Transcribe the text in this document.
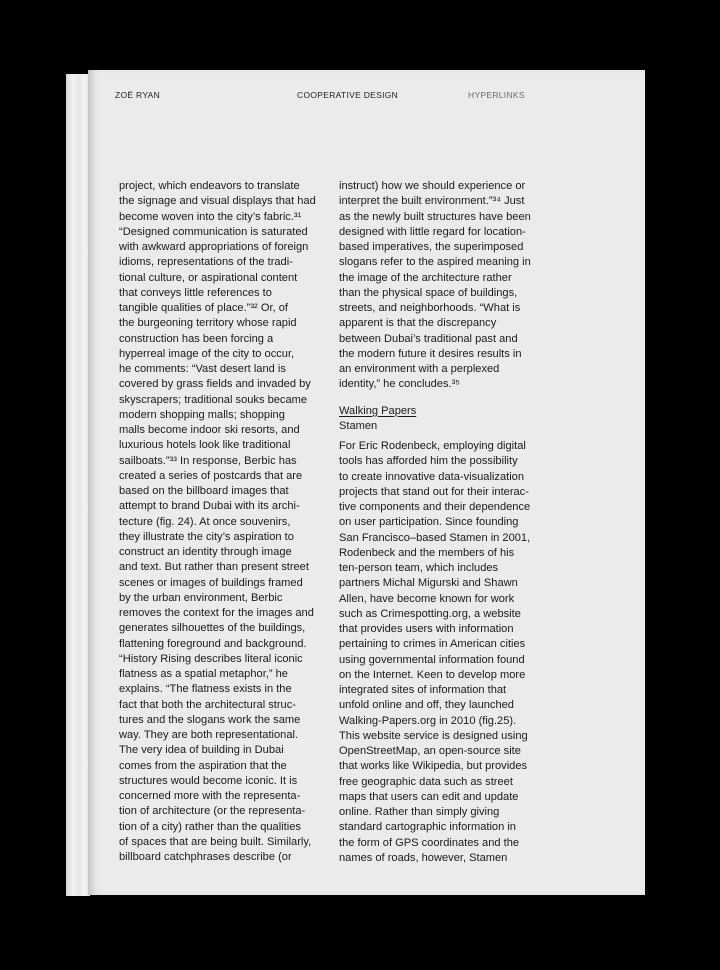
ZOË RYAN	COOPERATIVE DESIGN	HYPERLINKS
project, which endeavors to translate
the signage and visual displays that had
become woven into the city’s fabric.³¹
“Designed communication is saturated
with awkward appropriations of foreign
idioms, representations of the tradi-
tional culture, or aspirational content
that conveys little references to
tangible qualities of place.”³² Or, of
the burgeoning territory whose rapid
construction has been forcing a
hyperreal image of the city to occur,
he comments: “Vast desert land is
covered by grass fields and invaded by
skyscrapers; traditional souks became
modern shopping malls; shopping
malls become indoor ski resorts, and
luxurious hotels look like traditional
sailboats.”³³ In response, Berbic has
created a series of postcards that are
based on the billboard images that
attempt to brand Dubai with its archi-
tecture (fig. 24). At once souvenirs,
they illustrate the city’s aspiration to
construct an identity through image
and text. But rather than present street
scenes or images of buildings framed
by the urban environment, Berbic
removes the context for the images and
generates silhouettes of the buildings,
flattening foreground and background.
“History Rising describes literal iconic
flatness as a spatial metaphor,” he
explains. “The flatness exists in the
fact that both the architectural struc-
tures and the slogans work the same
way. They are both representational.
The very idea of building in Dubai
comes from the aspiration that the
structures would become iconic. It is
concerned more with the representa-
tion of architecture (or the representa-
tion of a city) rather than the qualities
of spaces that are being built. Similarly,
billboard catchphrases describe (or
instruct) how we should experience or
interpret the built environment.”³⁴ Just
as the newly built structures have been
designed with little regard for location-
based imperatives, the superimposed
slogans refer to the aspired meaning in
the image of the architecture rather
than the physical space of buildings,
streets, and neighborhoods. “What is
apparent is that the discrepancy
between Dubai’s traditional past and
the modern future it desires results in
an environment with a perplexed
identity,” he concludes.³⁵
Walking Papers
Stamen
For Eric Rodenbeck, employing digital
tools has afforded him the possibility
to create innovative data-visualization
projects that stand out for their interac-
tive components and their dependence
on user participation. Since founding
San Francisco–based Stamen in 2001,
Rodenbeck and the members of his
ten-person team, which includes
partners Michal Migurski and Shawn
Allen, have become known for work
such as Crimespotting.org, a website
that provides users with information
pertaining to crimes in American cities
using governmental information found
on the Internet. Keen to develop more
integrated sites of information that
unfold online and off, they launched
Walking-Papers.org in 2010 (fig.25).
This website service is designed using
OpenStreetMap, an open-source site
that works like Wikipedia, but provides
free geographic data such as street
maps that users can edit and update
online. Rather than simply giving
standard cartographic information in
the form of GPS coordinates and the
names of roads, however, Stamen
